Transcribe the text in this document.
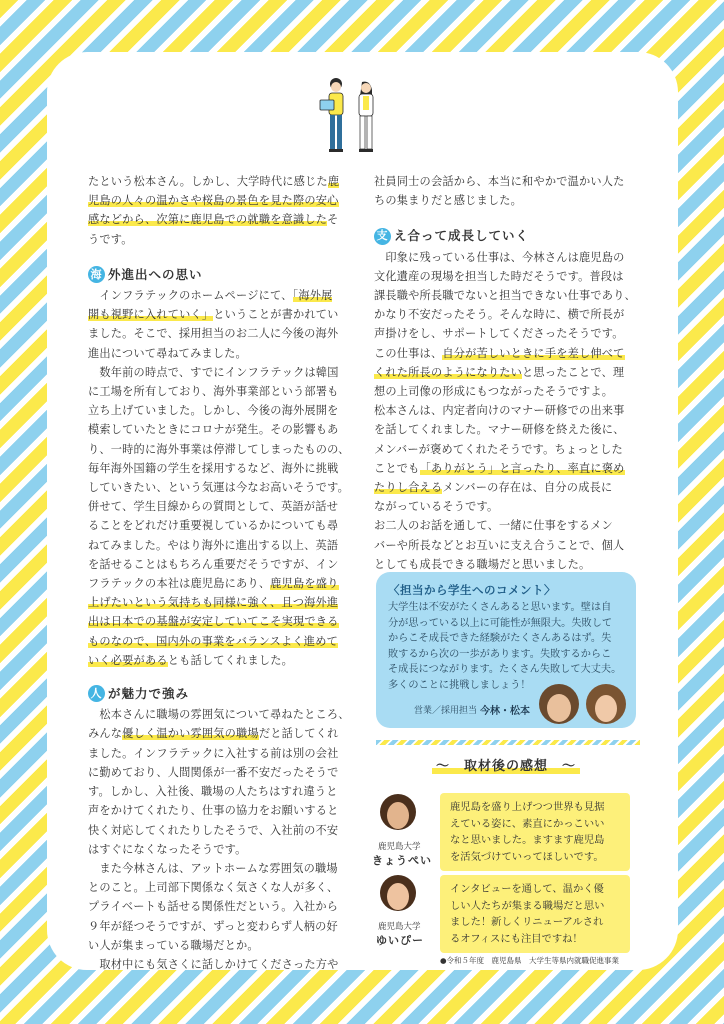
たという松本さん。しかし、大学時代に感じた鹿

児島の人々の温かさや桜島の景色を見た際の安心

感などから、次第に鹿児島での就職を意識したそ

うです。

海 外進出への思い

　インフラテックのホームページにて、「海外展

開も視野に入れていく」ということが書かれてい

ました。そこで、採用担当のお二人に今後の海外

進出について尋ねてみました。

　数年前の時点で、すでにインフラテックは韓国

に工場を所有しており、海外事業部という部署も

立ち上げていました。しかし、今後の海外展開を

模索していたときにコロナが発生。その影響もあ

り、一時的に海外事業は停滞してしまったものの、

毎年海外国籍の学生を採用するなど、海外に挑戦

していきたい、という気運は今なお高いそうです。

併せて、学生目線からの質問として、英語が話せ

ることをどれだけ重要視しているかについても尋

ねてみました。やはり海外に進出する以上、英語

を話せることはもちろん重要だそうですが、イン

フラテックの本社は鹿児島にあり、鹿児島を盛り

上げたいという気持ちも同様に強く、且つ海外進

出は日本での基盤が安定していてこそ実現できる

ものなので、国内外の事業をバランスよく進めて

いく必要があるとも話してくれました。

人 が魅力で強み

　松本さんに職場の雰囲気について尋ねたところ、

みんな優しく温かい雰囲気の職場だと話してくれ

ました。インフラテックに入社する前は別の会社

に勤めており、人間関係が一番不安だったそうで

す。しかし、入社後、職場の人たちはすれ違うと

声をかけてくれたり、仕事の協力をお願いすると

快く対応してくれたりしたそうで、入社前の不安

はすぐになくなったそうです。

　また今林さんは、アットホームな雰囲気の職場

とのこと。上司部下関係なく気さくな人が多く、

プライベートも話せる関係性だという。入社から

９年が経つそうですが、ずっと変わらず人柄の好

い人が集まっている職場だとか。

　取材中にも気さくに話しかけてくださった方や

社員同士の会話から、本当に和やかで温かい人た

ちの集まりだと感じました。

支 え合って成長していく

　印象に残っている仕事は、今林さんは鹿児島の

文化遺産の現場を担当した時だそうです。普段は

課長職や所長職でないと担当できない仕事であり、

かなり不安だったそう。そんな時に、横で所長が

声掛けをし、サポートしてくださったそうです。

この仕事は、自分が苦しいときに手を差し伸べて

くれた所長のようになりたいと思ったことで、理

想の上司像の形成にもつながったそうですよ。

松本さんは、内定者向けのマナー研修での出来事

を話してくれました。マナー研修を終えた後に、

メンバーが褒めてくれたそうです。ちょっとした

ことでも「ありがとう」と言ったり、率直に褒め

たりし合えるメンバーの存在は、自分の成長に

ながっているそうです。

お二人のお話を通して、一緒に仕事をするメン

バーや所長などとお互いに支え合うことで、個人

としても成長できる職場だと思いました。

〈担当から学生へのコメント〉
大学生は不安がたくさんあると思います。壁は自
分が思っている以上に可能性が無限大。失敗して
からこそ成長できた経験がたくさんあるはず。失
敗するから次の一歩があります。失敗するからこ
そ成長につながります。たくさん失敗して大丈夫。
多くのことに挑戦しましょう！
営業／採用担当 今林・松本
〜　取材後の感想　〜
鹿児島大学
きょうぺい
鹿児島を盛り上げつつ世界も見据
えている姿に、素直にかっこいい
なと思いました。ますます鹿児島
を活気づけていってほしいです。
鹿児島大学
ゆいぴー
インタビューを通して、温かく優
しい人たちが集まる職場だと思い
ました！新しくリニューアルされ
るオフィスにも注目ですね！
●令和５年度　鹿児島県　大学生等県内就職促進事業
